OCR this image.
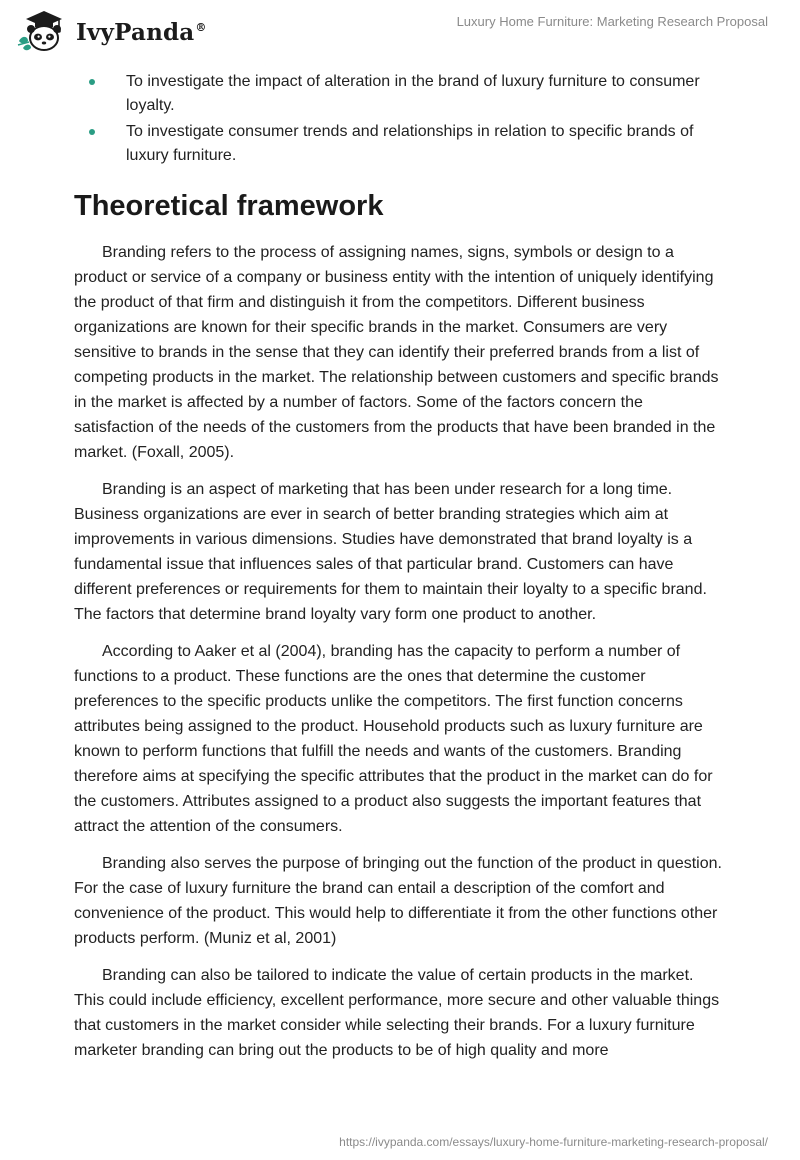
IvyPanda®	Luxury Home Furniture: Marketing Research Proposal
To investigate the impact of alteration in the brand of luxury furniture to consumer loyalty.
To investigate consumer trends and relationships in relation to specific brands of luxury furniture.
Theoretical framework

Branding refers to the process of assigning names, signs, symbols or design to a product or service of a company or business entity with the intention of uniquely identifying the product of that firm and distinguish it from the competitors. Different business organizations are known for their specific brands in the market. Consumers are very sensitive to brands in the sense that they can identify their preferred brands from a list of competing products in the market. The relationship between customers and specific brands in the market is affected by a number of factors. Some of the factors concern the satisfaction of the needs of the customers from the products that have been branded in the market. (Foxall, 2005).

Branding is an aspect of marketing that has been under research for a long time. Business organizations are ever in search of better branding strategies which aim at improvements in various dimensions. Studies have demonstrated that brand loyalty is a fundamental issue that influences sales of that particular brand. Customers can have different preferences or requirements for them to maintain their loyalty to a specific brand. The factors that determine brand loyalty vary form one product to another.

According to Aaker et al (2004), branding has the capacity to perform a number of functions to a product. These functions are the ones that determine the customer preferences to the specific products unlike the competitors. The first function concerns attributes being assigned to the product. Household products such as luxury furniture are known to perform functions that fulfill the needs and wants of the customers. Branding therefore aims at specifying the specific attributes that the product in the market can do for the customers. Attributes assigned to a product also suggests the important features that attract the attention of the consumers.

Branding also serves the purpose of bringing out the function of the product in question. For the case of luxury furniture the brand can entail a description of the comfort and convenience of the product. This would help to differentiate it from the other functions other products perform. (Muniz et al, 2001)

Branding can also be tailored to indicate the value of certain products in the market. This could include efficiency, excellent performance, more secure and other valuable things that customers in the market consider while selecting their brands. For a luxury furniture marketer branding can bring out the products to be of high quality and more

https://ivypanda.com/essays/luxury-home-furniture-marketing-research-proposal/
